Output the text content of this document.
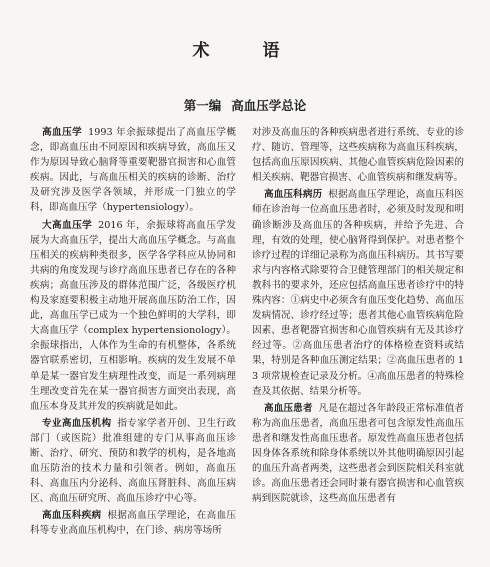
术　语
第一编 高血压学总论

高血压学 1993 年余振球提出了高血压学概念，即高血压由不同原因和疾病导致，高血压又作为原因导致心脑肾等重要靶器官损害和心血管疾病。因此，与高血压相关的疾病的诊断、治疗及研究涉及医学各领域，并形成一门独立的学科，即高血压学（hypertensiology）。

大高血压学 2016 年，余振球将高血压学发展为大高血压学，提出大高血压学概念。与高血压相关的疾病种类很多，医学各学科应从协同和共病的角度发现与诊疗高血压患者已存在的各种疾病；高血压涉及的群体范围广泛，各级医疗机构及家庭要积极主动地开展高血压防治工作，因此，高血压学已成为一个独色鲜明的大学科，即大高血压学（complex hypertensionology）。余振球指出，人体作为生命的有机整体，各系统器官联系密切，互相影响。疾病的发生发展不单单是某一器官发生病理性改变，而是一系列病理生理改变首先在某一器官损害方面突出表现，高血压本身及其并发的疾病就是如此。

专业高血压机构 指专家学者开创、卫生行政部门（或医院）批准组建的专门从事高血压诊断、治疗、研究、预防和教学的机构，是各地高血压防治的技术力量和引领者。例如，高血压科、高血压内分泌科、高血压肾脏科、高血压病区、高血压研究所、高血压诊疗中心等。

高血压科疾病 根据高血压学理论，在高血压科等专业高血压机构中，在门诊、病房等场所

对涉及高血压的各种疾病患者进行系统、专业的诊疗、随访、管理等，这些疾病称为高血压科疾病，包括高血压原因疾病、其他心血管疾病危险因素的相关疾病、靶器官损害、心血管疾病和继发病等。

高血压科病历 根据高血压学理论，高血压科医师在诊治每一位高血压患者时，必须及时发现和明确诊断涉及高血压的各种疾病，并给予先进、合理，有效的处理，使心脑肾得到保护。对患者整个诊疗过程的详细记录称为高血压科病历。其书写要求与内容格式除要符合卫健管理部门的相关规定和教科书的要求外，还应包括高血压患者诊疗中的特殊内容：①病史中必须含有血压变化趋势、高血压发病情况、诊疗经过等；患者其他心血管疾病危险因素、患者靶器官损害和心血管疾病有无及其诊疗经过等。②高血压患者治疗的体格检查资料或结果，特别是各种血压测定结果；②高血压患者的 13 项常规检查记录及分析。④高血压患者的特殊检查及其依据、结果分析等。

高血压患者 凡是在超过各年龄段正常标准值者称为高血压患者，高血压患者可包含原发性高血压患者和继发性高血压患者。原发性高血压患者包括因身体各系统和除身体系统以外其他明确原因引起的血压升高者两类，这些患者会到医院相关科室就诊。高血压患者还会同时兼有器官损害和心血管疾病到医院就诊，这些高血压患者有
